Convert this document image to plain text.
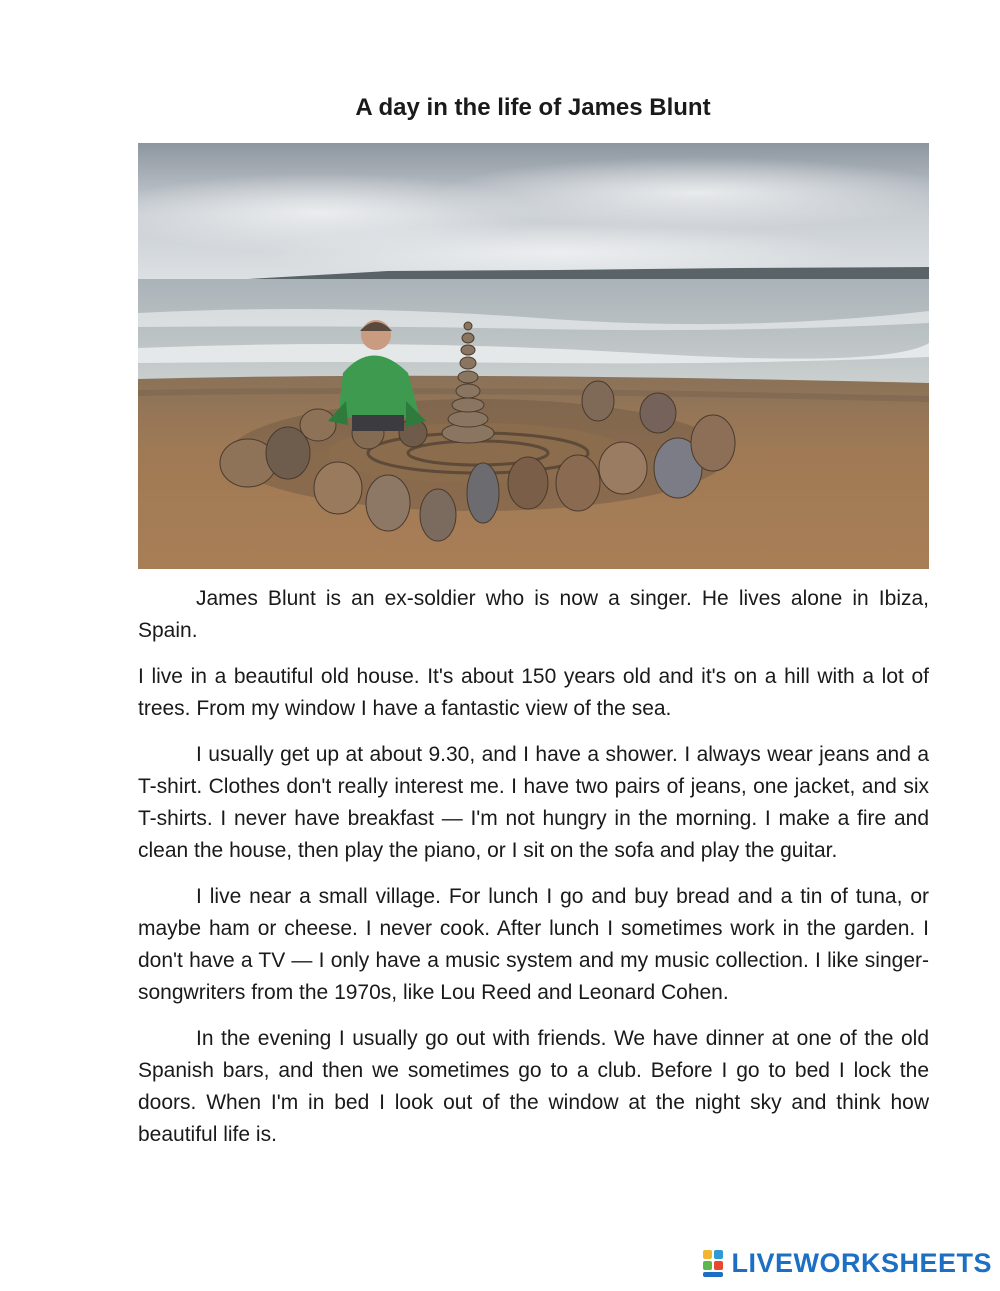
A day in the life of James Blunt

James Blunt is an ex-soldier who is now a singer. He lives alone in Ibiza, Spain.

I live in a beautiful old house. It's about 150 years old and it's on a hill with a lot of trees. From my window I have a fantastic view of the sea.

I usually get up at about 9.30, and I have a shower. I always wear jeans and a T-shirt. Clothes don't really interest me. I have two pairs of jeans, one jacket, and six T-shirts. I never have breakfast — I'm not hungry in the morning. I make a fire and clean the house, then play the piano, or I sit on the sofa and play the guitar.

I live near a small village. For lunch I go and buy bread and a tin of tuna, or maybe ham or cheese. I never cook. After lunch I sometimes work in the garden. I don't have a TV — I only have a music system and my music collection. I like singer-songwriters from the 1970s, like Lou Reed and Leonard Cohen.

In the evening I usually go out with friends. We have dinner at one of the old Spanish bars, and then we sometimes go to a club. Before I go to bed I lock the doors. When I'm in bed I look out of the window at the night sky and think how beautiful life is.

LIVEWORKSHEETS
